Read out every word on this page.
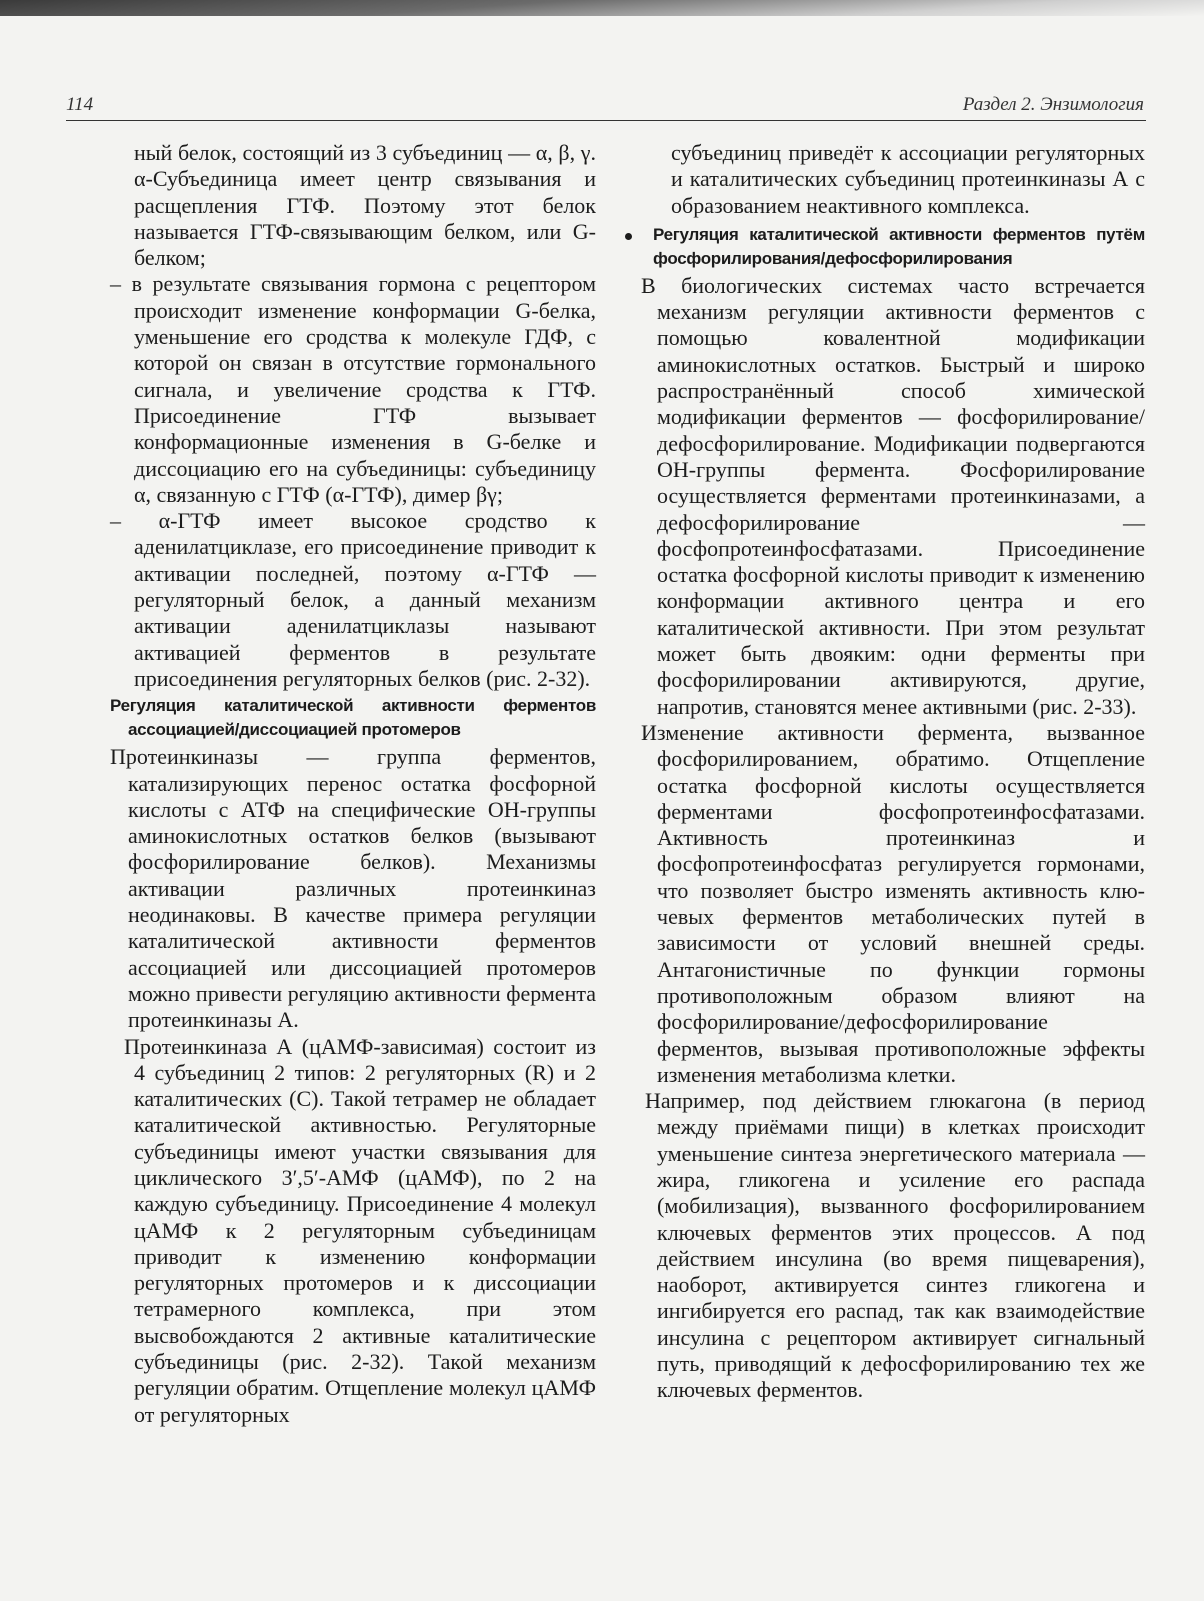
114	Раздел 2. Энзимология

ный белок, состоящий из 3 субъединиц — α, β, γ. α-Субъединица имеет центр связывания и расщепления ГТФ. Поэтому этот белок называется ГТФ-связывающим белком, или G-белком;

– в результате связывания гормона с рецептором происходит изменение конформации G-белка, уменьшение его сродства к молекуле ГДФ, с которой он связан в отсутствие гормонального сигнала, и увеличение сродства к ГТФ. Присоединение ГТФ вызывает конформационные изменения в G-белке и диссоциацию его на субъединицы: субъединицу α, связанную с ГТФ (α-ГТФ), димер βγ;

– α-ГТФ имеет высокое сродство к аденилатциклазе, его присоединение приводит к активации последней, поэтому α-ГТФ — регуляторный белок, а данный механизм активации аденилатциклазы называют активацией ферментов в результате присоединения регуляторных белков (рис. 2-32).

Регуляция каталитической активности ферментов ассоциацией/диссоциацией протомеров

Протеинкиназы — группа ферментов, катализирующих перенос остатка фосфорной кислоты с АТФ на специфические ОН-группы аминокислотных остатков белков (вызывают фосфорилирование белков). Механизмы активации различных протеинкиназ неодинаковы. В качестве примера регуляции каталитической активности ферментов ассоциацией или диссоциацией протомеров можно привести регуляцию активности фермента протеинкиназы А.

Протеинкиназа А (цАМФ-зависимая) состоит из 4 субъединиц 2 типов: 2 регуляторных (R) и 2 каталитических (С). Такой тетрамер не обладает каталитической активностью. Регуляторные субъединицы имеют участки связывания для циклического 3′,5′-АМФ (цАМФ), по 2 на каждую субъединицу. Присоединение 4 молекул цАМФ к 2 регуляторным субъединицам приводит к изменению конформации регуляторных протомеров и к диссоциации тетрамерного комплекса, при этом высвобождаются 2 активные каталитические субъединицы (рис. 2-32). Такой механизм регуляции обратим. Отщепление молекул цАМФ от регуляторных

субъединиц приведёт к ассоциации регуляторных и каталитических субъединиц протеинкиназы А с образованием неактивного комплекса.

Регуляция каталитической активности ферментов путём фосфорилирования/дефосфорилирования

В биологических системах часто встречается механизм регуляции активности ферментов с помощью ковалентной модификации аминокислотных остатков. Быстрый и широко распространённый способ химической модификации ферментов — фосфорилирование/дефосфорилирование. Модификации подвергаются ОН-группы фермента. Фосфорилирование осуществляется ферментами протеинкиназами, а дефосфорилирование — фосфопротеинфосфатазами. Присоединение остатка фосфорной кислоты приводит к изменению конформации активного центра и его каталитической активности. При этом результат может быть двояким: одни ферменты при фосфорилировании активируются, другие, напротив, становятся менее активными (рис. 2-33).

Изменение активности фермента, вызванное фосфорилированием, обратимо. Отщепление остатка фосфорной кислоты осуществляется ферментами фосфопротеинфосфатазами. Активность протеинкиназ и фосфопротеинфосфатаз регулируется гормонами, что позволяет быстро изменять активность клю-чевых ферментов метаболических путей в зависимости от условий внешней среды. Антагонистичные по функции гормоны противоположным образом влияют на фосфорилирование/дефосфорилирование ферментов, вызывая противоположные эффекты изменения метаболизма клетки.

Например, под действием глюкагона (в период между приёмами пищи) в клетках происходит уменьшение синтеза энергетического материала — жира, гликогена и усиление его распада (мобилизация), вызванного фосфорилированием ключевых ферментов этих процессов. А под действием инсулина (во время пищеварения), наоборот, активируется синтез гликогена и ингибируется его распад, так как взаимодействие инсулина с рецептором активирует сигнальный путь, приводящий к дефосфорилированию тех же ключевых ферментов.
